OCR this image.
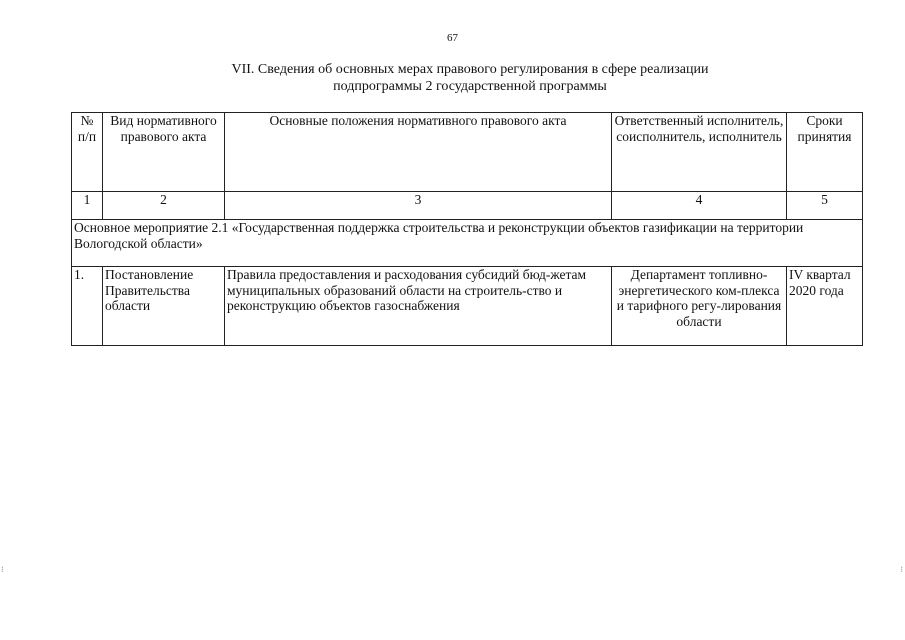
67
VII. Сведения об основных мерах правового регулирования в сфере реализации
подпрограммы 2 государственной программы
№ п/п	Вид нормативного правового акта	Основные положения нормативного правового акта	Ответственный исполнитель, соисполнитель, исполнитель	Сроки принятия
1	2	3	4	5
Основное мероприятие 2.1 «Государственная поддержка строительства и реконструкции объектов газификации на территории Вологодской области»				
1.	Постановление Правительства области	Правила предоставления и расходования субсидий бюд-жетам муниципальных образований области на строитель-ство и реконструкцию объектов газоснабжения	Департамент топливно-энергетического ком-плекса и тарифного регу-лирования области	IV квартал 2020 года
⁝	⁝
